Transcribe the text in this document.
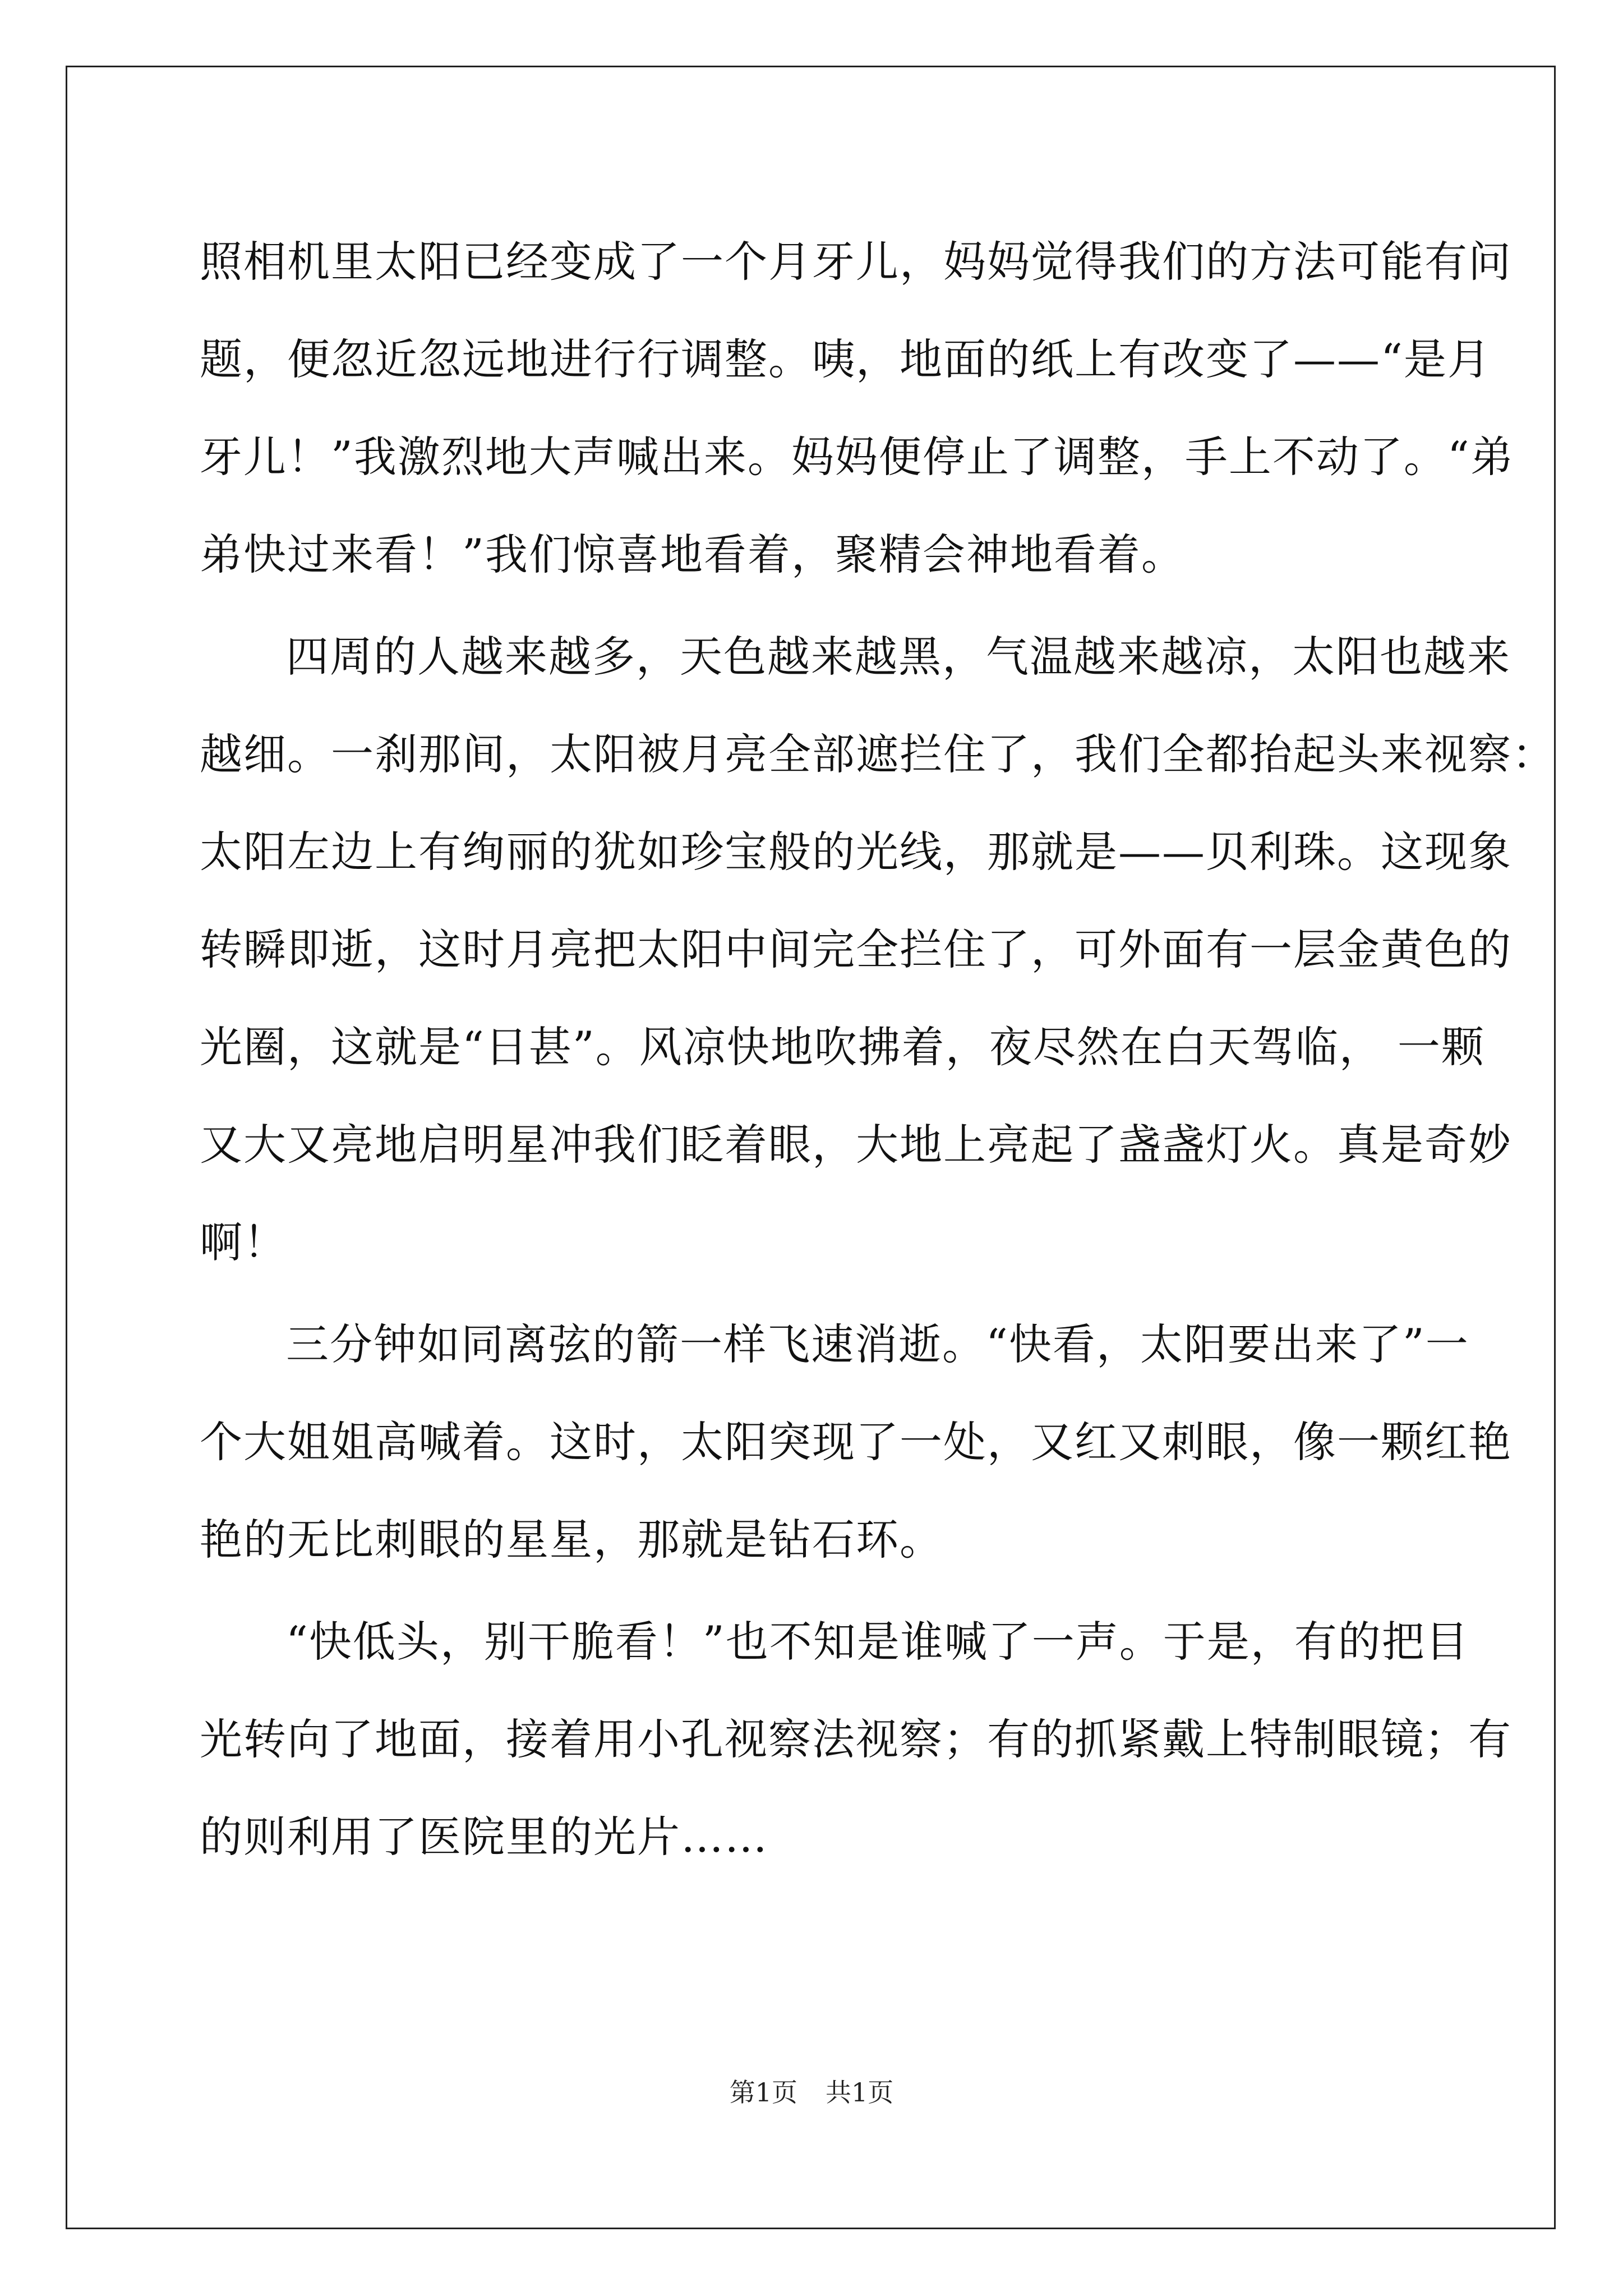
照相机里太阳已经变成了一个月牙儿，妈妈觉得我们的方法可能有问
题，便忽近忽远地进行行调整。咦，地面的纸上有改变了——“是月
牙儿！”我激烈地大声喊出来。妈妈便停止了调整，手上不动了。“弟
弟快过来看！”我们惊喜地看着，聚精会神地看着。
四周的人越来越多，天色越来越黑，气温越来越凉，太阳也越来
越细。一刹那间，太阳被月亮全部遮拦住了，我们全都抬起头来视察：
太阳左边上有绚丽的犹如珍宝般的光线，那就是——贝利珠。这现象
转瞬即逝，这时月亮把太阳中间完全拦住了，可外面有一层金黄色的
光圈，这就是“日甚”。风凉快地吹拂着，夜尽然在白天驾临， 一颗
又大又亮地启明星冲我们眨着眼，大地上亮起了盏盏灯火。真是奇妙
啊！
三分钟如同离弦的箭一样飞速消逝。“快看，太阳要出来了”一
个大姐姐高喊着。这时，太阳突现了一处，又红又刺眼，像一颗红艳
艳的无比刺眼的星星，那就是钻石环。
“快低头，别干脆看！”也不知是谁喊了一声。于是，有的把目
光转向了地面，接着用小孔视察法视察；有的抓紧戴上特制眼镜；有
的则利用了医院里的光片……
第1页 共1页
